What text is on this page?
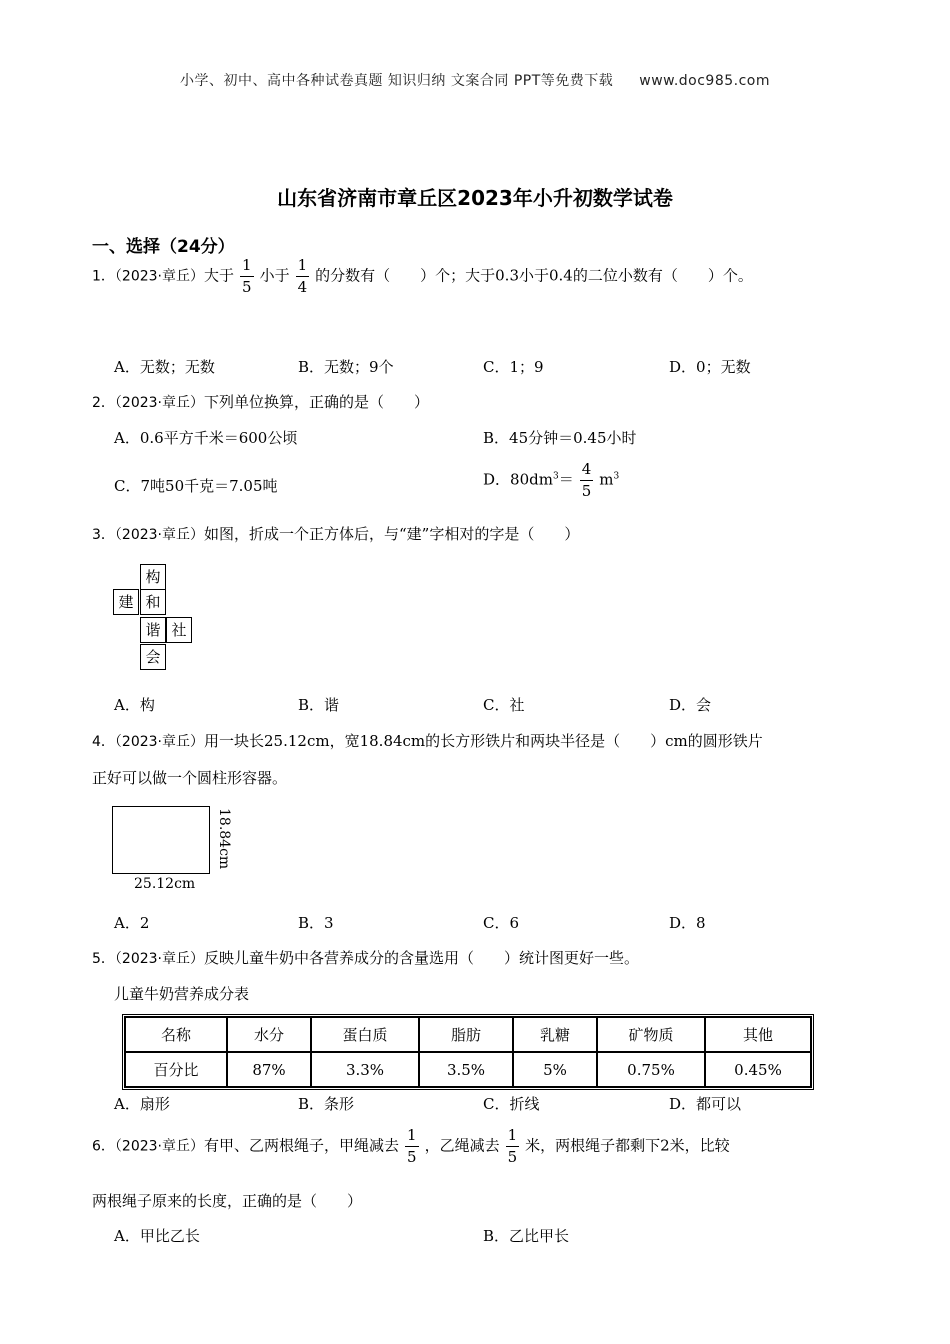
小学、初中、高中各种试卷真题 知识归纳 文案合同 PPT等免费下载 www.doc985.com
山东省济南市章丘区2023年小升初数学试卷
一、选择（24分）
1．（2023·章丘）大于 $\frac{1}{5}$ 小于 $\frac{1}{4}$ 的分数有（　　）个；大于0.3小于0.4的二位小数有（　　）个。
A．无数；无数	B．无数；9个	C．1；9	D．0；无数
2．（2023·章丘）下列单位换算，正确的是（　　）
A．0.6平方千米＝600公顷	B．45分钟＝0.45小时
C．7吨50千克＝7.05吨	D．$80dm^3= \frac{4}{5} m^3$
3．（2023·章丘）如图，折成一个正方体后，与“建”字相对的字是（　　）
构
建 和
谐 社
会
A．构	B．谐	C．社	D．会
4．（2023·章丘）用一块长25.12cm，宽18.84cm的长方形铁片和两块半径是（　　）cm的圆形铁片
正好可以做一个圆柱形容器。
25.12cm
18.84cm
A．2	B．3	C．6	D．8
5．（2023·章丘）反映儿童牛奶中各营养成分的含量选用（　　）统计图更好一些。
儿童牛奶营养成分表
名称	水分	蛋白质	脂肪	乳糖	矿物质	其他
百分比	87%	3.3%	3.5%	5%	0.75%	0.45%
A．扇形	B．条形	C．折线	D．都可以
6．（2023·章丘）有甲、乙两根绳子，甲绳减去 $\frac{1}{5}$ ，乙绳减去 $\frac{1}{5}$ 米，两根绳子都剩下2米，比较
两根绳子原来的长度，正确的是（　　）
A．甲比乙长	B．乙比甲长
